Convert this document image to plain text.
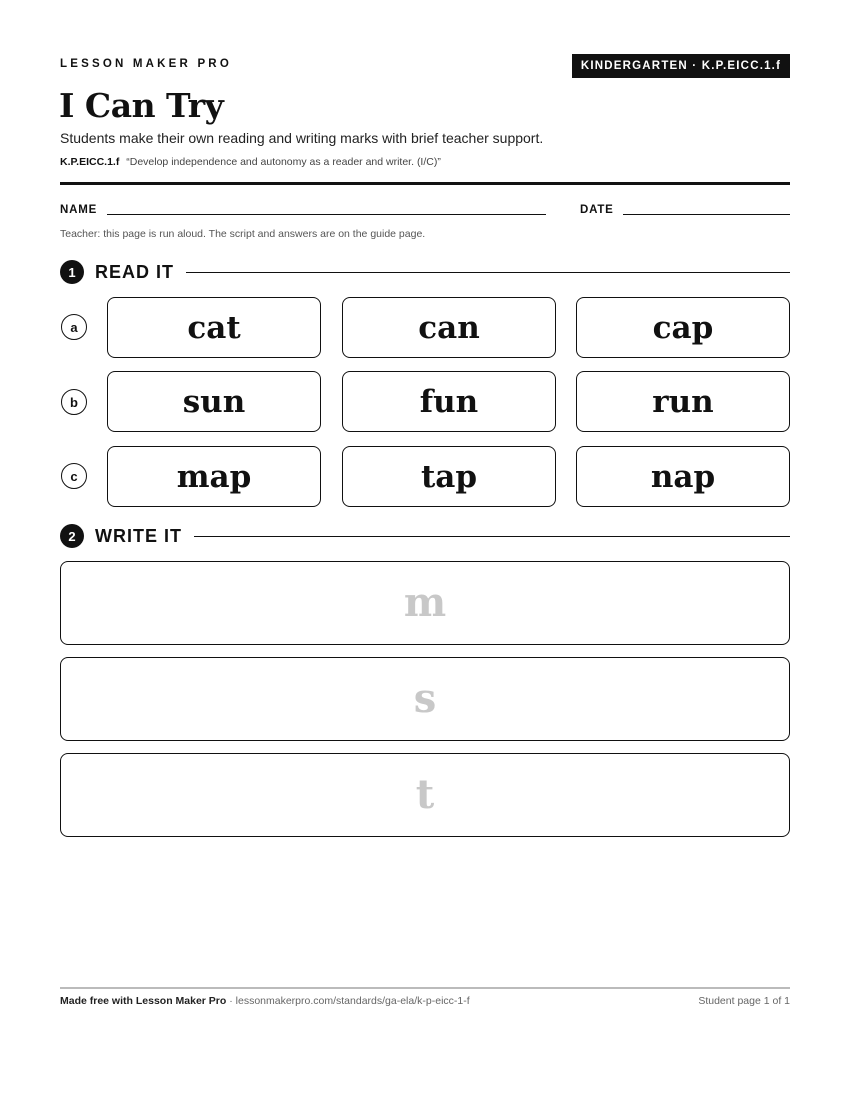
LESSON MAKER PRO	KINDERGARTEN · K.P.EICC.1.f
I Can Try
Students make their own reading and writing marks with brief teacher support.
K.P.EICC.1.f “Develop independence and autonomy as a reader and writer. (I/C)”
NAME	DATE
Teacher: this page is run aloud. The script and answers are on the guide page.
1	READ IT
a	cat	can	cap
b	sun	fun	run
c	map	tap	nap
2	WRITE IT
m
s
t
Made free with Lesson Maker Pro · lessonmakerpro.com/standards/ga-ela/k-p-eicc-1-f	Student page 1 of 1
